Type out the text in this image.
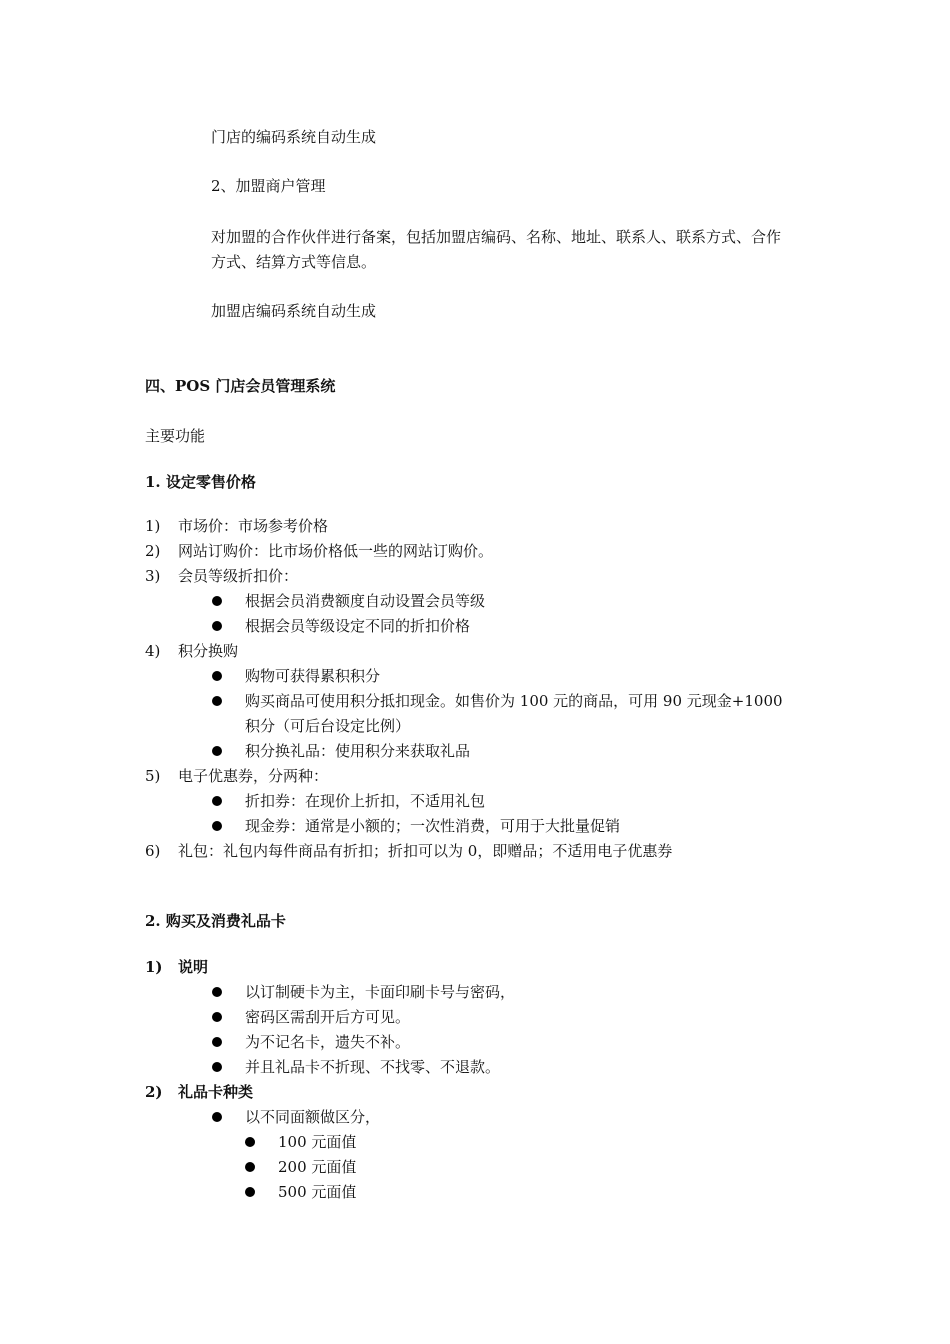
门店的编码系统自动生成
2、加盟商户管理
对加盟的合作伙伴进行备案，包括加盟店编码、名称、地址、联系人、联系方式、合作
方式、结算方式等信息。
加盟店编码系统自动生成
四、POS 门店会员管理系统
主要功能
1. 设定零售价格
1) 市场价：市场参考价格
2) 网站订购价：比市场价格低一些的网站订购价。
3) 会员等级折扣价：
根据会员消费额度自动设置会员等级
根据会员等级设定不同的折扣价格
4) 积分换购
购物可获得累积积分
购买商品可使用积分抵扣现金。如售价为 100 元的商品，可用 90 元现金+1000
积分（可后台设定比例）
积分换礼品：使用积分来获取礼品
5) 电子优惠券，分两种：
折扣券：在现价上折扣，不适用礼包
现金券：通常是小额的；一次性消费，可用于大批量促销
6) 礼包：礼包内每件商品有折扣；折扣可以为 0，即赠品；不适用电子优惠券
2. 购买及消费礼品卡
1) 说明
以订制硬卡为主，卡面印刷卡号与密码，
密码区需刮开后方可见。
为不记名卡，遗失不补。
并且礼品卡不折现、不找零、不退款。
2) 礼品卡种类
以不同面额做区分，
100 元面值
200 元面值
500 元面值
